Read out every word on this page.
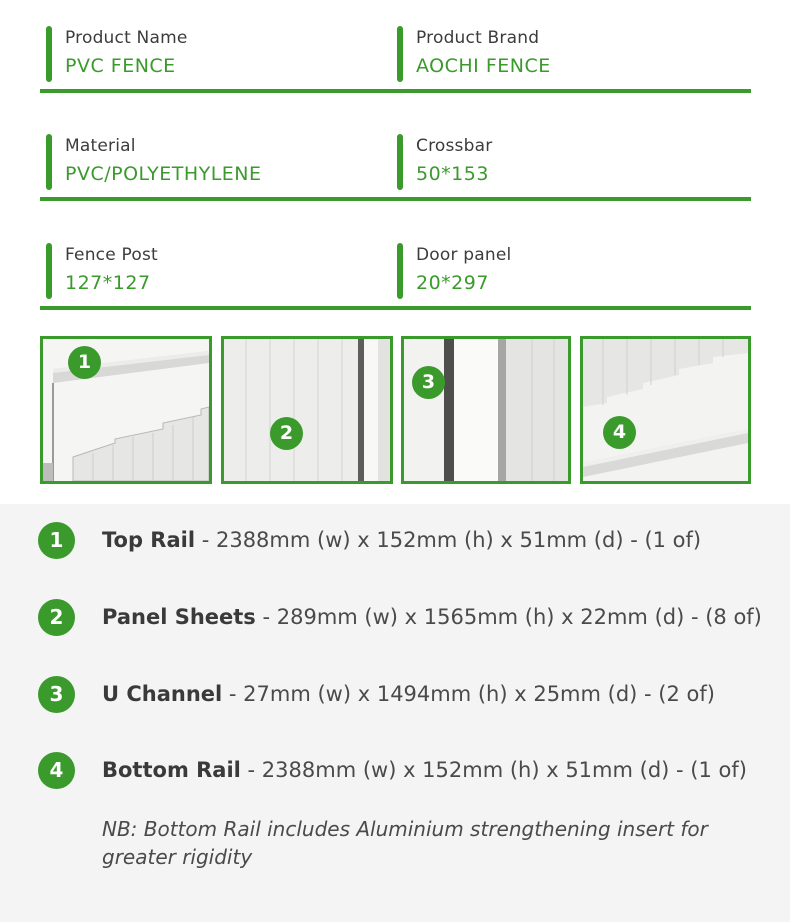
Product Name
PVC FENCE
Product Brand
AOCHI FENCE
Material
PVC/POLYETHYLENE
Crossbar
50*153
Fence Post
127*127
Door panel
20*297
1
2
3
4
1	Top Rail - 2388mm (w) x 152mm (h) x 51mm (d) - (1 of)
2	Panel Sheets - 289mm (w) x 1565mm (h) x 22mm (d) - (8 of)
3	U Channel - 27mm (w) x 1494mm (h) x 25mm (d) - (2 of)
4	Bottom Rail - 2388mm (w) x 152mm (h) x 51mm (d) - (1 of)
NB: Bottom Rail includes Aluminium strengthening insert for greater rigidity
